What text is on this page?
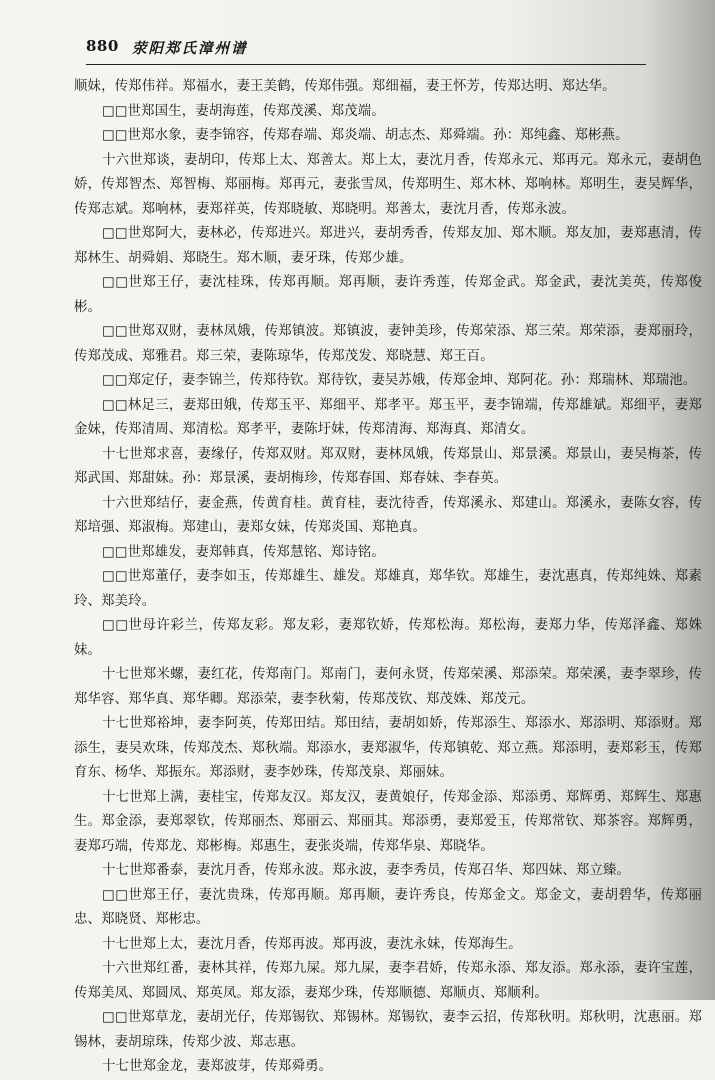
880 荥阳郑氏漳州谱

顺妹，传郑伟祥。郑福水，妻王美鹤，传郑伟强。郑细福，妻王怀芳，传郑达明、郑达华。

□□世郑国生，妻胡海莲，传郑茂溪、郑茂端。

□□世郑水象，妻李锦容，传郑春端、郑炎端、胡志杰、郑舜端。孙：郑纯鑫、郑彬燕。

十六世郑谈，妻胡印，传郑上太、郑善太。郑上太，妻沈月香，传郑永元、郑再元。郑永元，妻胡色娇，传郑智杰、郑智梅、郑丽梅。郑再元，妻张雪凤，传郑明生、郑木林、郑响林。郑明生，妻吴辉华，传郑志斌。郑响林，妻郑祥英，传郑晓敏、郑晓明。郑善太，妻沈月香，传郑永波。

□□世郑阿大，妻林必，传郑进兴。郑进兴，妻胡秀香，传郑友加、郑木顺。郑友加，妻郑惠清，传郑林生、胡舜娟、郑晓生。郑木顺，妻牙珠，传郑少雄。

□□世郑王仔，妻沈桂珠，传郑再顺。郑再顺，妻许秀莲，传郑金武。郑金武，妻沈美英，传郑俊彬。

□□世郑双财，妻林凤娥，传郑镇波。郑镇波，妻钟美珍，传郑荣添、郑三荣。郑荣添，妻郑丽玲，传郑茂成、郑雅君。郑三荣，妻陈琼华，传郑茂发、郑晓慧、郑王百。

□□郑定仔，妻李锦兰，传郑待钦。郑待钦，妻吴苏娥，传郑金坤、郑阿花。孙：郑瑞林、郑瑞池。

□□林足三，妻郑田娥，传郑玉平、郑细平、郑孝平。郑玉平，妻李锦端，传郑雄斌。郑细平，妻郑金妹，传郑清周、郑清松。郑孝平，妻陈圩妹，传郑清海、郑海真、郑清女。

十七世郑求喜，妻缘仔，传郑双财。郑双财，妻林凤娥，传郑景山、郑景溪。郑景山，妻吴梅茶，传郑武国、郑甜妹。孙：郑景溪，妻胡梅珍，传郑春国、郑春妹、李春英。

十六世郑结仔，妻金燕，传黄育桂。黄育桂，妻沈待香，传郑溪永、郑建山。郑溪永，妻陈女容，传郑培强、郑淑梅。郑建山，妻郑女妹，传郑炎国、郑艳真。

□□世郑雄发，妻郑韩真，传郑慧铭、郑诗铭。

□□世郑董仔，妻李如玉，传郑雄生、雄发。郑雄真，郑华钦。郑雄生，妻沈惠真，传郑纯姝、郑素玲、郑美玲。

□□世母许彩兰，传郑友彩。郑友彩，妻郑钦娇，传郑松海。郑松海，妻郑力华，传郑泽鑫、郑姝妹。

十七世郑米螺，妻红花，传郑南门。郑南门，妻何永贤，传郑荣溪、郑添荣。郑荣溪，妻李翠珍，传郑华容、郑华真、郑华卿。郑添荣，妻李秋菊，传郑茂钦、郑茂姝、郑茂元。

十七世郑裕坤，妻李阿英，传郑田结。郑田结，妻胡如娇，传郑添生、郑添水、郑添明、郑添财。郑添生，妻吴欢珠，传郑茂杰、郑秋端。郑添水，妻郑淑华，传郑镇乾、郑立燕。郑添明，妻郑彩玉，传郑育东、杨华、郑振东。郑添财，妻李妙珠，传郑茂泉、郑丽妹。

十七世郑上满，妻桂宝，传郑友汉。郑友汉，妻黄娘仔，传郑金添、郑添勇、郑辉勇、郑辉生、郑惠生。郑金添，妻郑翠钦，传郑丽杰、郑丽云、郑丽其。郑添勇，妻郑爱玉，传郑常钦、郑茶容。郑辉勇，妻郑巧端，传郑龙、郑彬梅。郑惠生，妻张炎端，传郑华泉、郑晓华。

十七世郑番泰，妻沈月香，传郑永波。郑永波，妻李秀员，传郑召华、郑四妹、郑立臻。

□□世郑王仔，妻沈贵珠，传郑再顺。郑再顺，妻许秀良，传郑金文。郑金文，妻胡碧华，传郑丽忠、郑晓贤、郑彬忠。

十七世郑上太，妻沈月香，传郑再波。郑再波，妻沈永妹，传郑海生。

十六世郑红番，妻林其祥，传郑九屎。郑九屎，妻李君娇，传郑永添、郑友添。郑永添，妻许宝莲，传郑美凤、郑圆凤、郑英凤。郑友添，妻郑少珠，传郑顺德、郑顺贞、郑顺利。

□□世郑草龙，妻胡光仔，传郑锡钦、郑锡林。郑锡钦，妻李云招，传郑秋明。郑秋明，沈惠丽。郑锡林，妻胡琼珠，传郑少波、郑志惠。

十七世郑金龙，妻郑波芽，传郑舜勇。
